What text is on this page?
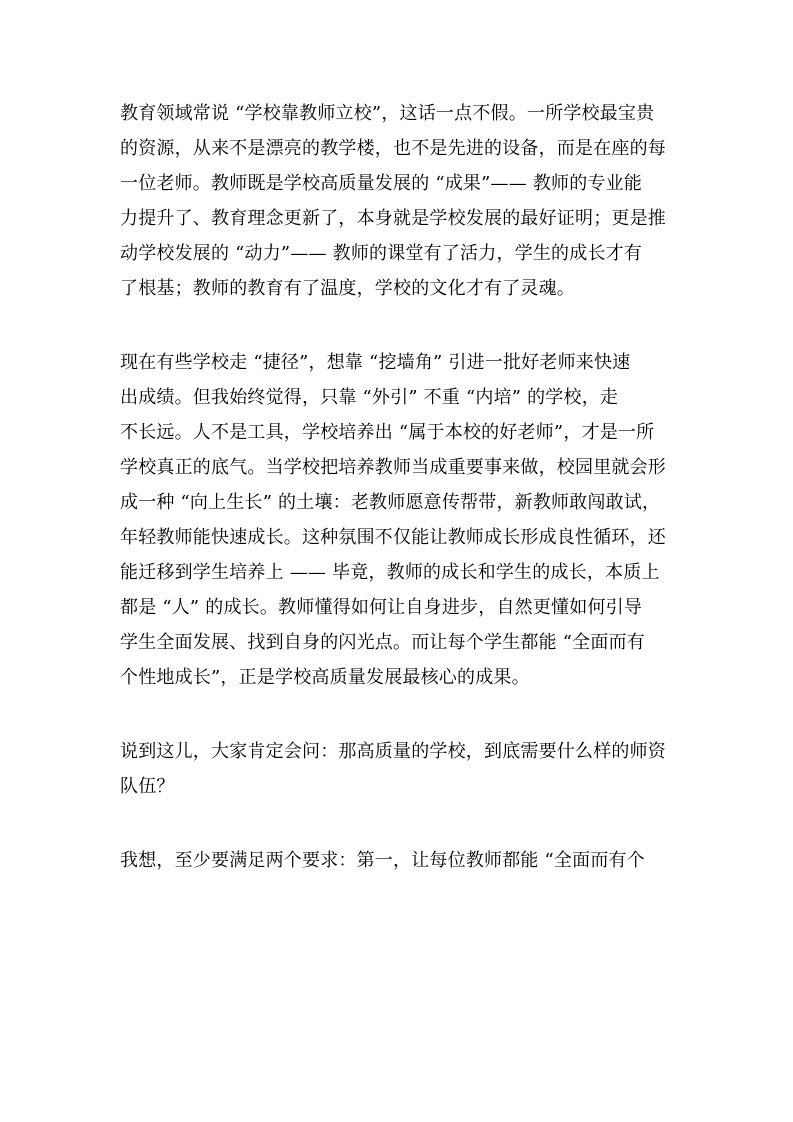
教育领域常说 “学校靠教师立校”，这话一点不假。一所学校最宝贵
的资源，从来不是漂亮的教学楼，也不是先进的设备，而是在座的每
一位老师。教师既是学校高质量发展的 “成果”—— 教师的专业能
力提升了、教育理念更新了，本身就是学校发展的最好证明；更是推
动学校发展的 “动力”—— 教师的课堂有了活力，学生的成长才有
了根基；教师的教育有了温度，学校的文化才有了灵魂。
现在有些学校走 “捷径”，想靠 “挖墙角” 引进一批好老师来快速
出成绩。但我始终觉得，只靠 “外引” 不重 “内培” 的学校，走
不长远。人不是工具，学校培养出 “属于本校的好老师”，才是一所
学校真正的底气。当学校把培养教师当成重要事来做，校园里就会形
成一种 “向上生长” 的土壤：老教师愿意传帮带，新教师敢闯敢试，
年轻教师能快速成长。这种氛围不仅能让教师成长形成良性循环，还
能迁移到学生培养上 —— 毕竟，教师的成长和学生的成长，本质上
都是 “人” 的成长。教师懂得如何让自身进步，自然更懂如何引导
学生全面发展、找到自身的闪光点。而让每个学生都能 “全面而有
个性地成长”，正是学校高质量发展最核心的成果。
说到这儿，大家肯定会问：那高质量的学校，到底需要什么样的师资
队伍？
我想，至少要满足两个要求：第一，让每位教师都能 “全面而有个
